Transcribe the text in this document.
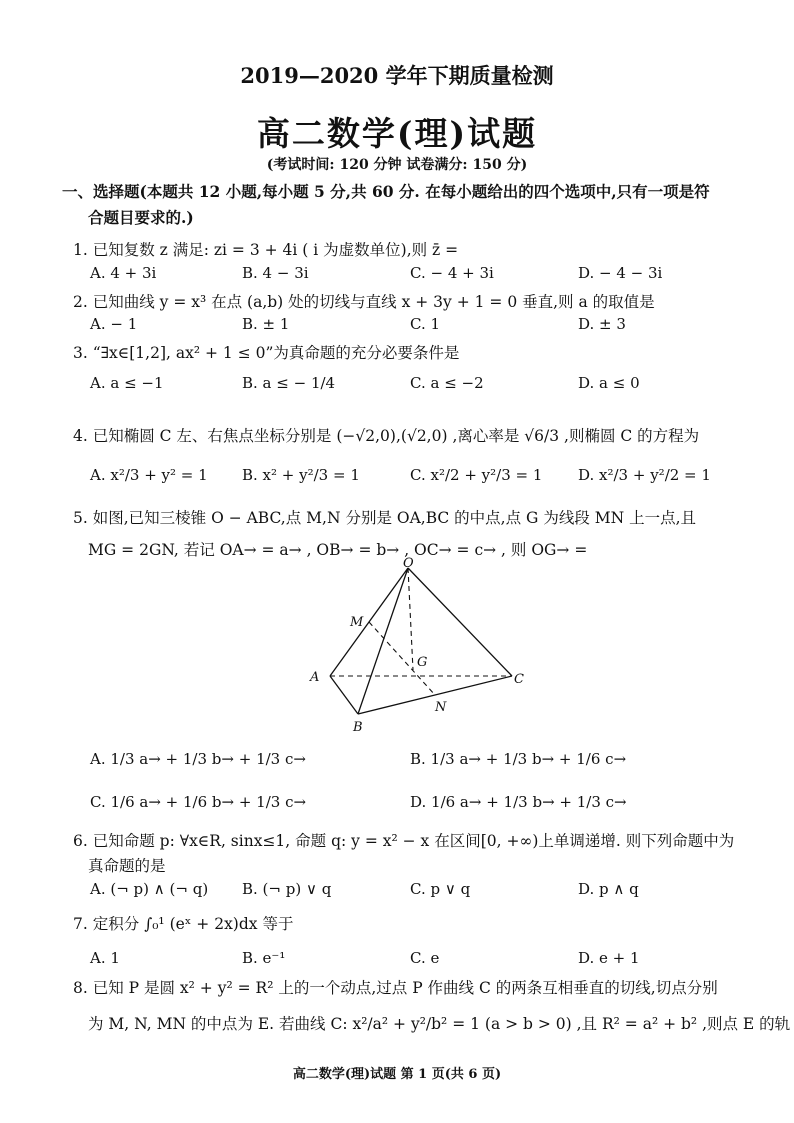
2019—2020 学年下期质量检测
高二数学(理)试题
(考试时间: 120 分钟 试卷满分: 150 分)
一、选择题(本题共 12 小题,每小题 5 分,共 60 分. 在每小题给出的四个选项中,只有一项是符
合题目要求的.)
1. 已知复数 z 满足: zi = 3 + 4i ( i 为虚数单位),则 z̄ =
A. 4 + 3i	B. 4 − 3i	C. − 4 + 3i	D. − 4 − 3i
2. 已知曲线 y = x³ 在点 (a,b) 处的切线与直线 x + 3y + 1 = 0 垂直,则 a 的取值是
A. − 1	B. ± 1	C. 1	D. ± 3
3. “∃x∈[1,2], ax² + 1 ≤ 0”为真命题的充分必要条件是
A. a ≤ −1	B. a ≤ − 1/4	C. a ≤ −2	D. a ≤ 0
4. 已知椭圆 C 左、右焦点坐标分别是 (−√2,0),(√2,0) ,离心率是 √6/3 ,则椭圆 C 的方程为
A. x²/3 + y² = 1 B. x² + y²/3 = 1	C. x²/2 + y²/3 = 1 D. x²/3 + y²/2 = 1
5. 如图,已知三棱锥 O − ABC,点 M,N 分别是 OA,BC 的中点,点 G 为线段 MN 上一点,且
MG = 2GN, 若记 OA→ = a→ , OB→ = b→ , OC→ = c→ , 则 OG→ =
O
M
G
A	C
N
B
A. 1/3 a→ + 1/3 b→ + 1/3 c→	B. 1/3 a→ + 1/3 b→ + 1/6 c→
C. 1/6 a→ + 1/6 b→ + 1/3 c→	D. 1/6 a→ + 1/3 b→ + 1/3 c→
6. 已知命题 p: ∀x∈R, sinx≤1, 命题 q: y = x² − x 在区间[0, +∞)上单调递增. 则下列命题中为
真命题的是
A. (¬ p) ∧ (¬ q) B. (¬ p) ∨ q	C. p ∨ q	D. p ∧ q
7. 定积分 ∫₀¹ (eˣ + 2x)dx 等于
A. 1	B. e⁻¹	C. e	D. e + 1
8. 已知 P 是圆 x² + y² = R² 上的一个动点,过点 P 作曲线 C 的两条互相垂直的切线,切点分别
为 M, N, MN 的中点为 E. 若曲线 C: x²/a² + y²/b² = 1 (a > b > 0) ,且 R² = a² + b² ,则点 E 的轨
高二数学(理)试题 第 1 页(共 6 页)
